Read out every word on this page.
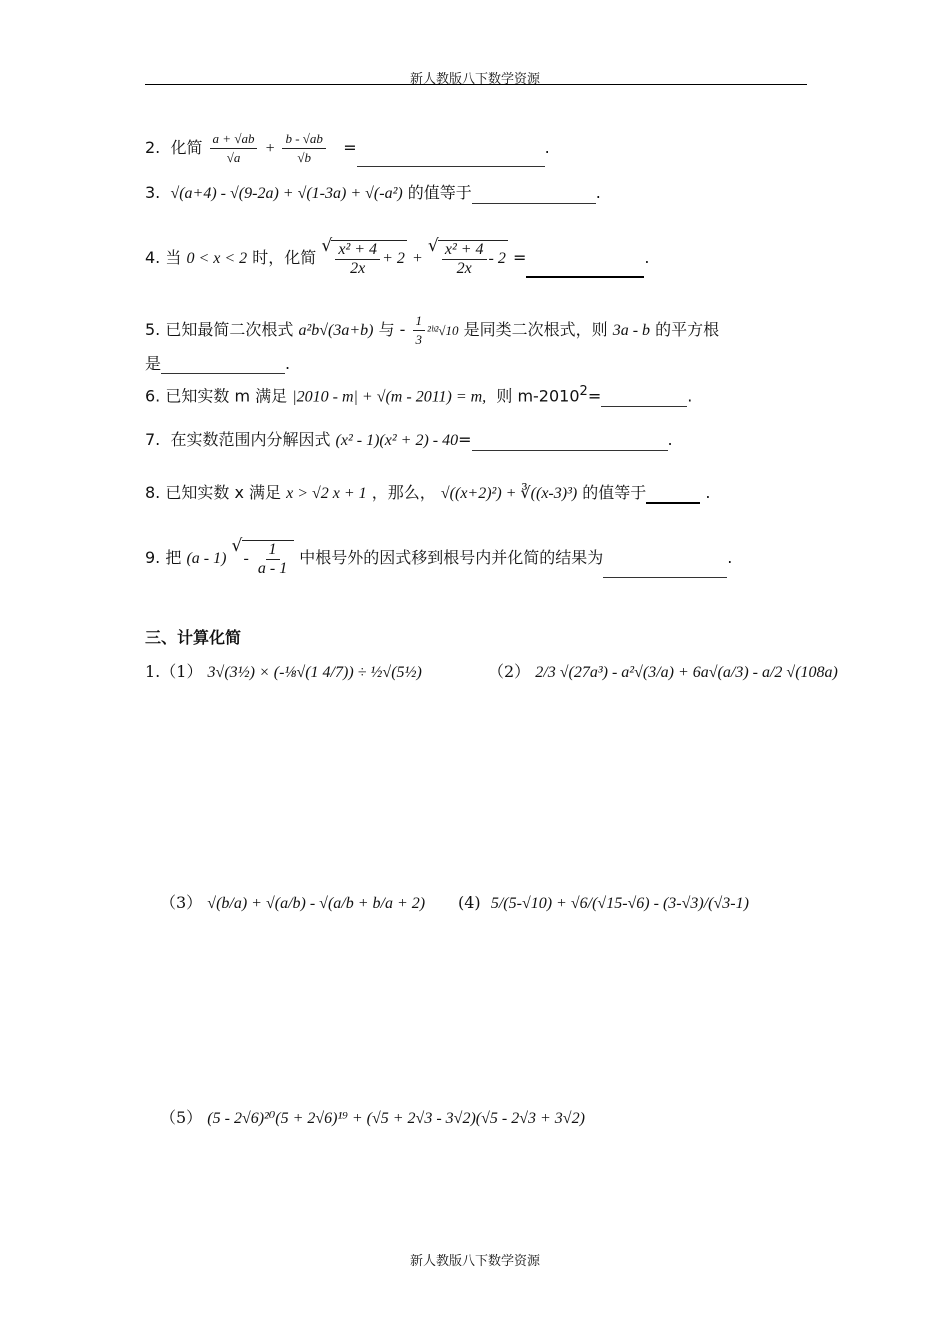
新人教版八下数学资源
2. 化简 $\frac{a + √ab}{√a} + \frac{b - √ab}{√b}$ =	.
3. √(a+4) - √(9-2a) + √(1-3a) + √(-a²) 的值等于	.
4. 当 0 < x < 2 时，化简 √ $\frac{\text{x² + 4}}{2x} + 2$ + √ $\frac{\text{x² + 4}}{2x} - 2$ =	.
5. 已知最简二次根式 a²b√(3a+b) 与 - $\frac{1}{3}$ ²ᵇ²√10 是同类二次根式，则 3a - b 的平方根
是	.
6. 已知实数 m 满足 |2010 - m| + √(m - 2011) = m, 则 $m-2010^2=$	.
7. 在实数范围内分解因式 (x² - 1)(x² + 2) - 40=	.
8. 已知实数 x 满足 x > √2 x + 1 ，那么， √((x+2)²) + ∛((x-3)³) 的值等于	.
9. 把 (a - 1) √ - $\frac{1}{a - 1}$ 中根号外的因式移到根号内并化简的结果为	.
三、计算化简
1.（1） 3√(3½) × (-⅛√(1 4/7)) ÷ ½√(5½)	（2） 2/3 √(27a³) - a²√(3/a) + 6a√(a/3) - a/2 √(108a)
（3） √(b/a) + √(a/b) - √(a/b + b/a + 2) (4) 5/(5-√10) + √6/(√15-√6) - (3-√3)/(√3-1)
（5） (5 - 2√6)²⁰(5 + 2√6)¹⁹ + (√5 + 2√3 - 3√2)(√5 - 2√3 + 3√2)
新人教版八下数学资源
